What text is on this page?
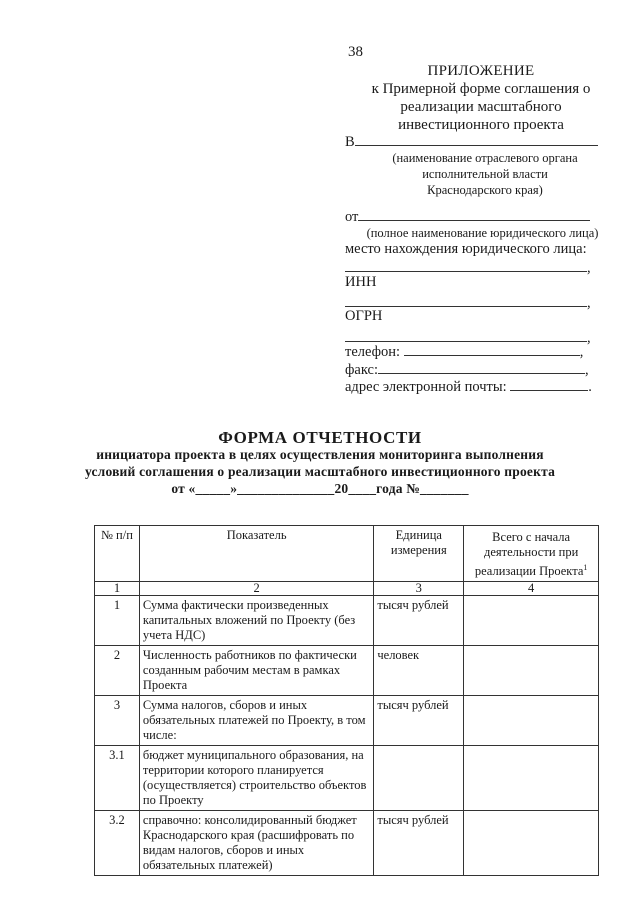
38
ПРИЛОЖЕНИЕ
к Примерной форме соглашения о
реализации масштабного
инвестиционного проекта
В
(наименование отраслевого органа
исполнительной власти
Краснодарского края)
от
(полное наименование юридического лица)
место нахождения юридического лица:
,
ИНН
,
ОГРН
,
телефон:	,
факс:	,
адрес электронной почты:	.
ФОРМА ОТЧЕТНОСТИ
инициатора проекта в целях осуществления мониторинга выполнения
условий соглашения о реализации масштабного инвестиционного проекта
от «_____»______________20____года №_______
№ п/п	Показатель	Единица измерения	Всего с начала деятельности при реализации Проекта$^1$
1	2	3	4
1	Сумма фактически произведенных капитальных вложений по Проекту (без учета НДС)	тысяч рублей	
2	Численность работников по фактически созданным рабочим местам в рамках Проекта	человек	
3	Сумма налогов, сборов и иных обязательных платежей по Проекту, в том числе:	тысяч рублей	
3.1	бюджет муниципального образования, на территории которого планируется (осуществляется) строительство объектов по Проекту		
3.2	справочно: консолидированный бюджет Краснодарского края (расшифровать по видам налогов, сборов и иных обязательных платежей)	тысяч рублей	
